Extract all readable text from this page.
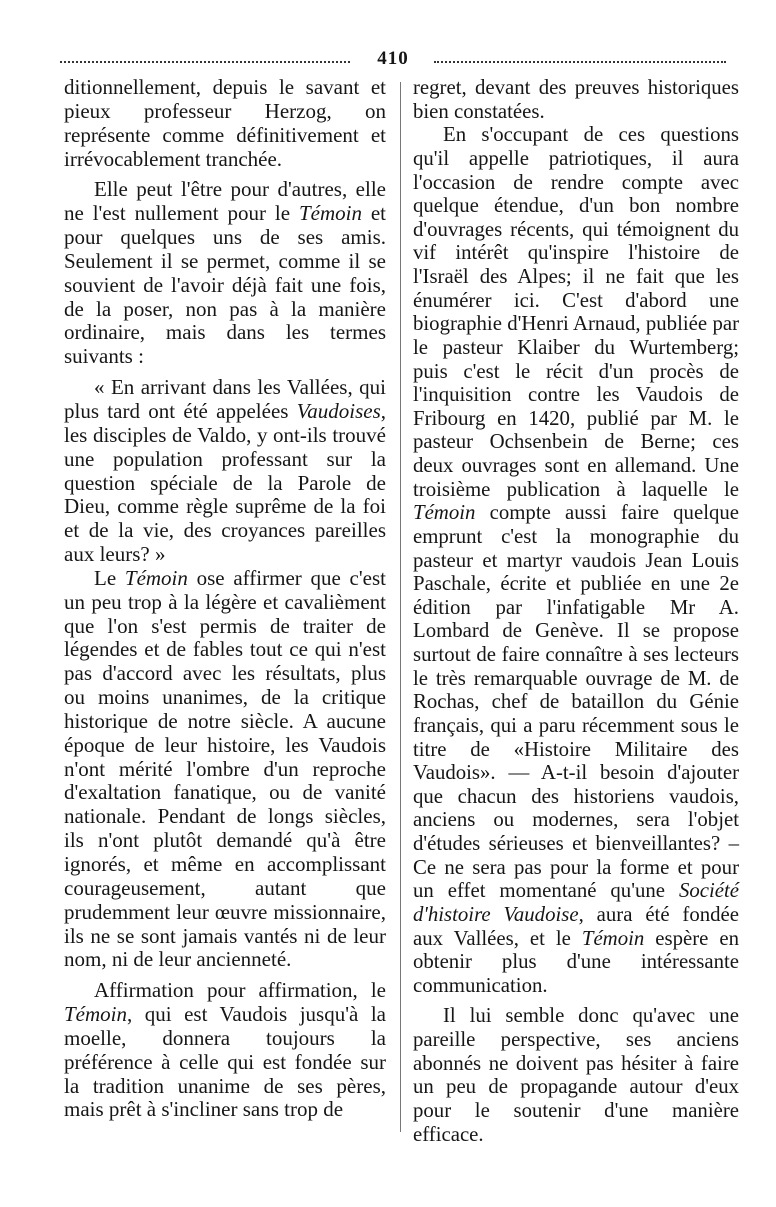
410

ditionnellement, depuis le savant et pieux professeur Herzog, on représente comme définitivement et irrévocablement tranchée.

Elle peut l'être pour d'autres, elle ne l'est nullement pour le Témoin et pour quelques uns de ses amis. Seulement il se permet, comme il se souvient de l'avoir déjà fait une fois, de la poser, non pas à la manière ordinaire, mais dans les termes suivants :

« En arrivant dans les Vallées, qui plus tard ont été appelées Vaudoises, les disciples de Valdo, y ont-ils trouvé une population professant sur la question spéciale de la Parole de Dieu, comme règle suprême de la foi et de la vie, des croyances pareilles aux leurs? »

Le Témoin ose affirmer que c'est un peu trop à la légère et cavalièment que l'on s'est permis de traiter de légendes et de fables tout ce qui n'est pas d'accord avec les résultats, plus ou moins unanimes, de la critique historique de notre siècle. A aucune époque de leur histoire, les Vaudois n'ont mérité l'ombre d'un reproche d'exaltation fanatique, ou de vanité nationale. Pendant de longs siècles, ils n'ont plutôt demandé qu'à être ignorés, et même en accomplissant courageusement, autant que prudemment leur œuvre missionnaire, ils ne se sont jamais vantés ni de leur nom, ni de leur ancienneté.

Affirmation pour affirmation, le Témoin, qui est Vaudois jusqu'à la moelle, donnera toujours la préférence à celle qui est fondée sur la tradition unanime de ses pères, mais prêt à s'incliner sans trop de

regret, devant des preuves historiques bien constatées.

En s'occupant de ces questions qu'il appelle patriotiques, il aura l'occasion de rendre compte avec quelque étendue, d'un bon nombre d'ouvrages récents, qui témoignent du vif intérêt qu'inspire l'histoire de l'Israël des Alpes; il ne fait que les énumérer ici. C'est d'abord une biographie d'Henri Arnaud, publiée par le pasteur Klaiber du Wurtemberg; puis c'est le récit d'un procès de l'inquisition contre les Vaudois de Fribourg en 1420, publié par M. le pasteur Ochsenbein de Berne; ces deux ouvrages sont en allemand. Une troisième publication à laquelle le Témoin compte aussi faire quelque emprunt c'est la monographie du pasteur et martyr vaudois Jean Louis Paschale, écrite et publiée en une 2e édition par l'infatigable Mr A. Lombard de Genève. Il se propose surtout de faire connaître à ses lecteurs le très remarquable ouvrage de M. de Rochas, chef de bataillon du Génie français, qui a paru récemment sous le titre de «Histoire Militaire des Vaudois». — A-t-il besoin d'ajouter que chacun des historiens vaudois, anciens ou modernes, sera l'objet d'études sérieuses et bienveillantes? – Ce ne sera pas pour la forme et pour un effet momentané qu'une Société d'histoire Vaudoise, aura été fondée aux Vallées, et le Témoin espère en obtenir plus d'une intéressante communication.

Il lui semble donc qu'avec une pareille perspective, ses anciens abonnés ne doivent pas hésiter à faire un peu de propagande autour d'eux pour le soutenir d'une manière efficace.
